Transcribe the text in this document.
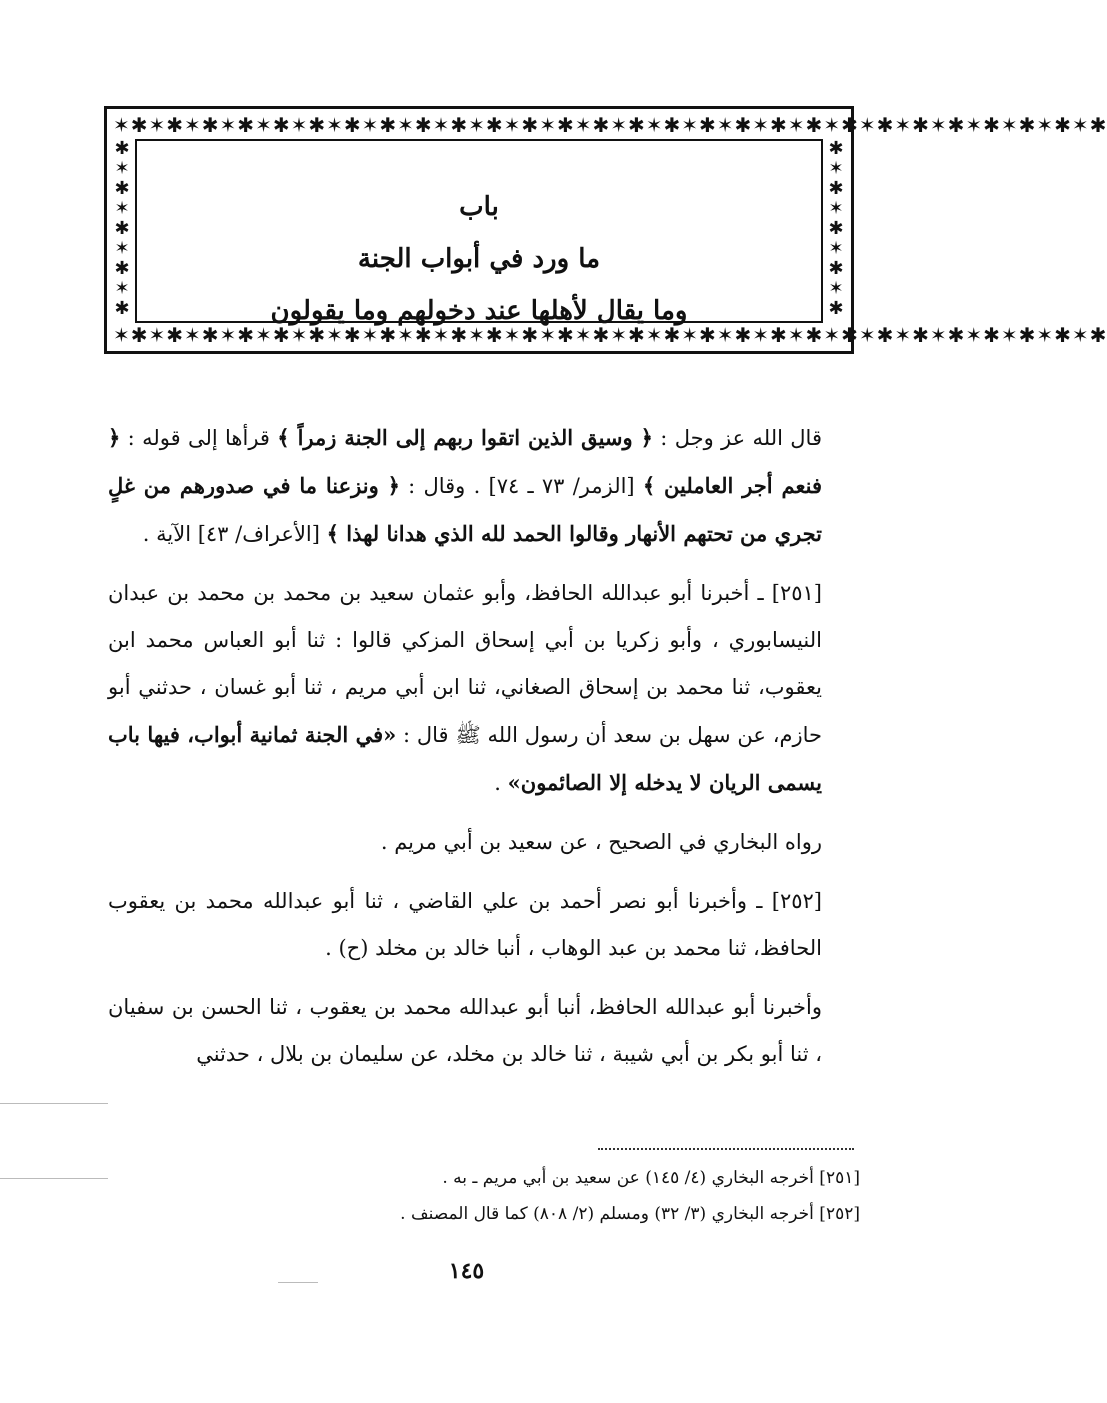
✶✱✶✱✶✱✶✱✶✱✶✱✶✱✶✱✶✱✶✱✶✱✶✱✶✱✶✱✶✱✶✱✶✱✶✱✶✱✶✱✶✱✶✱✶✱✶✱✶✱✶✱✶✱✶✱
✶✱✶✱✶✱✶✱✶✱✶✱✶✱✶✱✶✱✶✱✶✱✶✱✶✱✶✱✶✱✶✱✶✱✶✱✶✱✶✱✶✱✶✱✶✱✶✱✶✱✶✱✶✱✶✱
✱
✶
✱
✶
✱
✶
✱
✶
✱
✱
✶
✱
✶
✱
✶
✱
✶
✱
باب
ما ورد في أبواب الجنة
وما يقال لأهلها عند دخولهم وما يقولون

قال الله عز وجل : ﴿ وسيق الذين اتقوا ربهم إلى الجنة زمراً ﴾ قرأها إلى قوله : ﴿ فنعم أجر العاملين ﴾ [الزمر/ ٧٣ ـ ٧٤] . وقال : ﴿ ونزعنا ما في صدورهم من غلٍ تجري من تحتهم الأنهار وقالوا الحمد لله الذي هدانا لهذا ﴾ [الأعراف/ ٤٣] الآية .

[٢٥١] ـ أخبرنا أبو عبدالله الحافظ، وأبو عثمان سعيد بن محمد بن محمد بن عبدان النيسابوري ، وأبو زكريا بن أبي إسحاق المزكي قالوا : ثنا أبو العباس محمد ابن يعقوب، ثنا محمد بن إسحاق الصغاني، ثنا ابن أبي مريم ، ثنا أبو غسان ، حدثني أبو حازم، عن سهل بن سعد أن رسول الله ﷺ قال : «في الجنة ثمانية أبواب، فيها باب يسمى الريان لا يدخله إلا الصائمون» .

رواه البخاري في الصحيح ، عن سعيد بن أبي مريم .

[٢٥٢] ـ وأخبرنا أبو نصر أحمد بن علي القاضي ، ثنا أبو عبدالله محمد بن يعقوب الحافظ، ثنا محمد بن عبد الوهاب ، أنبا خالد بن مخلد (ح) .

وأخبرنا أبو عبدالله الحافظ، أنبا أبو عبدالله محمد بن يعقوب ، ثنا الحسن بن سفيان ، ثنا أبو بكر بن أبي شيبة ، ثنا خالد بن مخلد، عن سليمان بن بلال ، حدثني

[٢٥١] أخرجه البخاري (٤/ ١٤٥) عن سعيد بن أبي مريم ـ به .
[٢٥٢] أخرجه البخاري (٣/ ٣٢) ومسلم (٢/ ٨٠٨) كما قال المصنف .
١٤٥
